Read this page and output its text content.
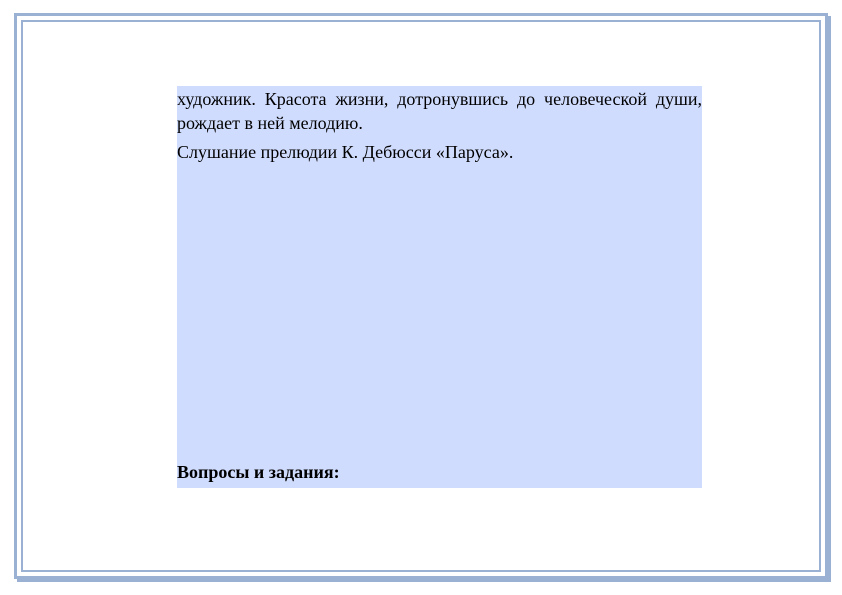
художник. Красота жизни, дотронувшись до человеческой души, рождает в ней мелодию.

Слушание прелюдии К. Дебюсси «Паруса».

Вопросы и задания:
